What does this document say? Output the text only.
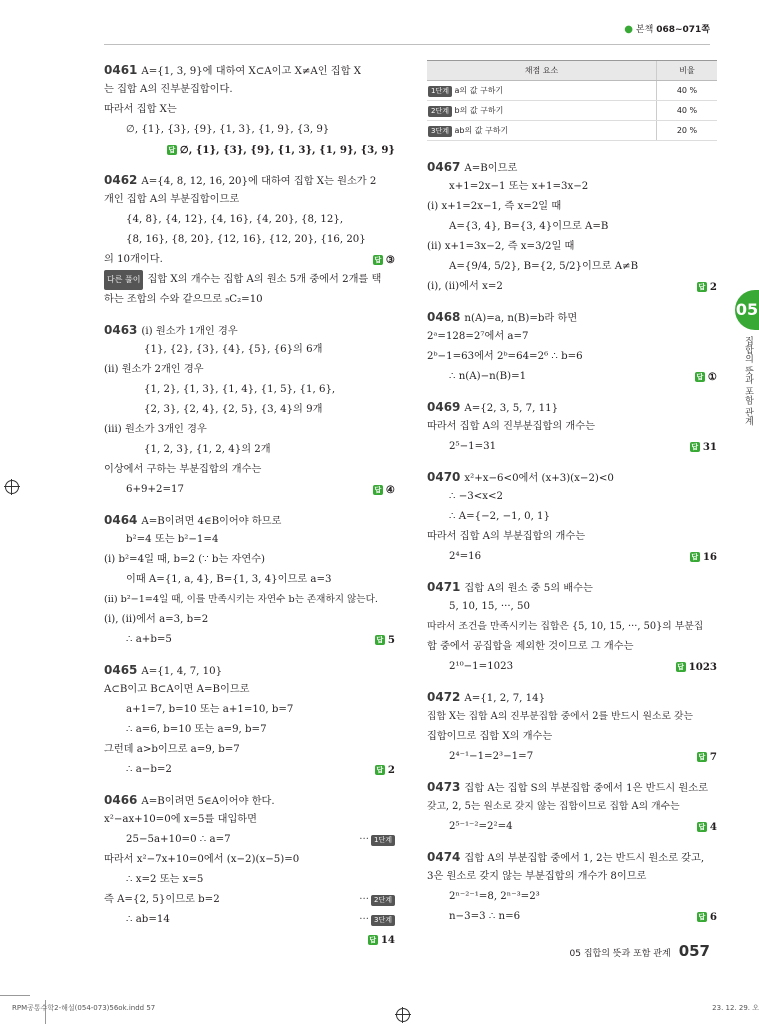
● 본책 068~071쪽
0461 A={1, 3, 9}에 대하여 X⊂A이고 X≠A인 집합 X
는 집합 A의 진부분집합이다.
따라서 집합 X는
∅, {1}, {3}, {9}, {1, 3}, {1, 9}, {3, 9}
답 ∅, {1}, {3}, {9}, {1, 3}, {1, 9}, {3, 9}
0462 A={4, 8, 12, 16, 20}에 대하여 집합 X는 원소가 2
개인 집합 A의 부분집합이므로
{4, 8}, {4, 12}, {4, 16}, {4, 20}, {8, 12},
{8, 16}, {8, 20}, {12, 16}, {12, 20}, {16, 20}
의 10개이다.	답 ③
다른 풀이 집합 X의 개수는 집합 A의 원소 5개 중에서 2개를 택
하는 조합의 수와 같으므로 ₅C₂=10
0463 (i) 원소가 1개인 경우
{1}, {2}, {3}, {4}, {5}, {6}의 6개
(ii) 원소가 2개인 경우
{1, 2}, {1, 3}, {1, 4}, {1, 5}, {1, 6},
{2, 3}, {2, 4}, {2, 5}, {3, 4}의 9개
(iii) 원소가 3개인 경우
{1, 2, 3}, {1, 2, 4}의 2개
이상에서 구하는 부분집합의 개수는
6+9+2=17	답 ④
0464 A=B이려면 4∈B이어야 하므로
b²=4 또는 b²−1=4
(i) b²=4일 때, b=2 (∵ b는 자연수)
이때 A={1, a, 4}, B={1, 3, 4}이므로 a=3
(ii) b²−1=4일 때, 이를 만족시키는 자연수 b는 존재하지 않는다.
(i), (ii)에서 a=3, b=2
∴ a+b=5	답 5
0465 A={1, 4, 7, 10}
A⊂B이고 B⊂A이면 A=B이므로
a+1=7, b=10 또는 a+1=10, b=7
∴ a=6, b=10 또는 a=9, b=7
그런데 a>b이므로 a=9, b=7
∴ a−b=2	답 2
0466 A=B이려면 5∈A이어야 한다.
x²−ax+10=0에 x=5를 대입하면
25−5a+10=0 ∴ a=7	··· 1단계
따라서 x²−7x+10=0에서 (x−2)(x−5)=0
∴ x=2 또는 x=5
즉 A={2, 5}이므로 b=2	··· 2단계
∴ ab=14	··· 3단계
답 14
채점 요소	비율
1단계 a의 값 구하기	40 %
2단계 b의 값 구하기	40 %
3단계 ab의 값 구하기	20 %
0467 A=B이므로
x+1=2x−1 또는 x+1=3x−2
(i) x+1=2x−1, 즉 x=2일 때
A={3, 4}, B={3, 4}이므로 A=B
(ii) x+1=3x−2, 즉 x=3/2일 때
A={9/4, 5/2}, B={2, 5/2}이므로 A≠B
(i), (ii)에서 x=2	답 2
0468 n(A)=a, n(B)=b라 하면
2ᵃ=128=2⁷에서 a=7
2ᵇ−1=63에서 2ᵇ=64=2⁶ ∴ b=6
∴ n(A)−n(B)=1	답 ①
0469 A={2, 3, 5, 7, 11}
따라서 집합 A의 진부분집합의 개수는
2⁵−1=31	답 31
0470 x²+x−6<0에서 (x+3)(x−2)<0
∴ −3<x<2
∴ A={−2, −1, 0, 1}
따라서 집합 A의 부분집합의 개수는
2⁴=16	답 16
0471 집합 A의 원소 중 5의 배수는
5, 10, 15, ···, 50
따라서 조건을 만족시키는 집합은 {5, 10, 15, ···, 50}의 부분집
합 중에서 공집합을 제외한 것이므로 그 개수는
2¹⁰−1=1023	답 1023
0472 A={1, 2, 7, 14}
집합 X는 집합 A의 진부분집합 중에서 2를 반드시 원소로 갖는
집합이므로 집합 X의 개수는
2⁴⁻¹−1=2³−1=7	답 7
0473 집합 A는 집합 S의 부분집합 중에서 1은 반드시 원소로
갖고, 2, 5는 원소로 갖지 않는 집합이므로 집합 A의 개수는
2⁵⁻¹⁻²=2²=4	답 4
0474 집합 A의 부분집합 중에서 1, 2는 반드시 원소로 갖고,
3은 원소로 갖지 않는 부분집합의 개수가 8이므로
2ⁿ⁻²⁻¹=8, 2ⁿ⁻³=2³
n−3=3 ∴ n=6	답 6
05
집합의 뜻과 포함 관계
05 집합의 뜻과 포함 관계 057
RPM공통수학2-해설(054-073)56ok.indd 57	23. 12. 29. 오
